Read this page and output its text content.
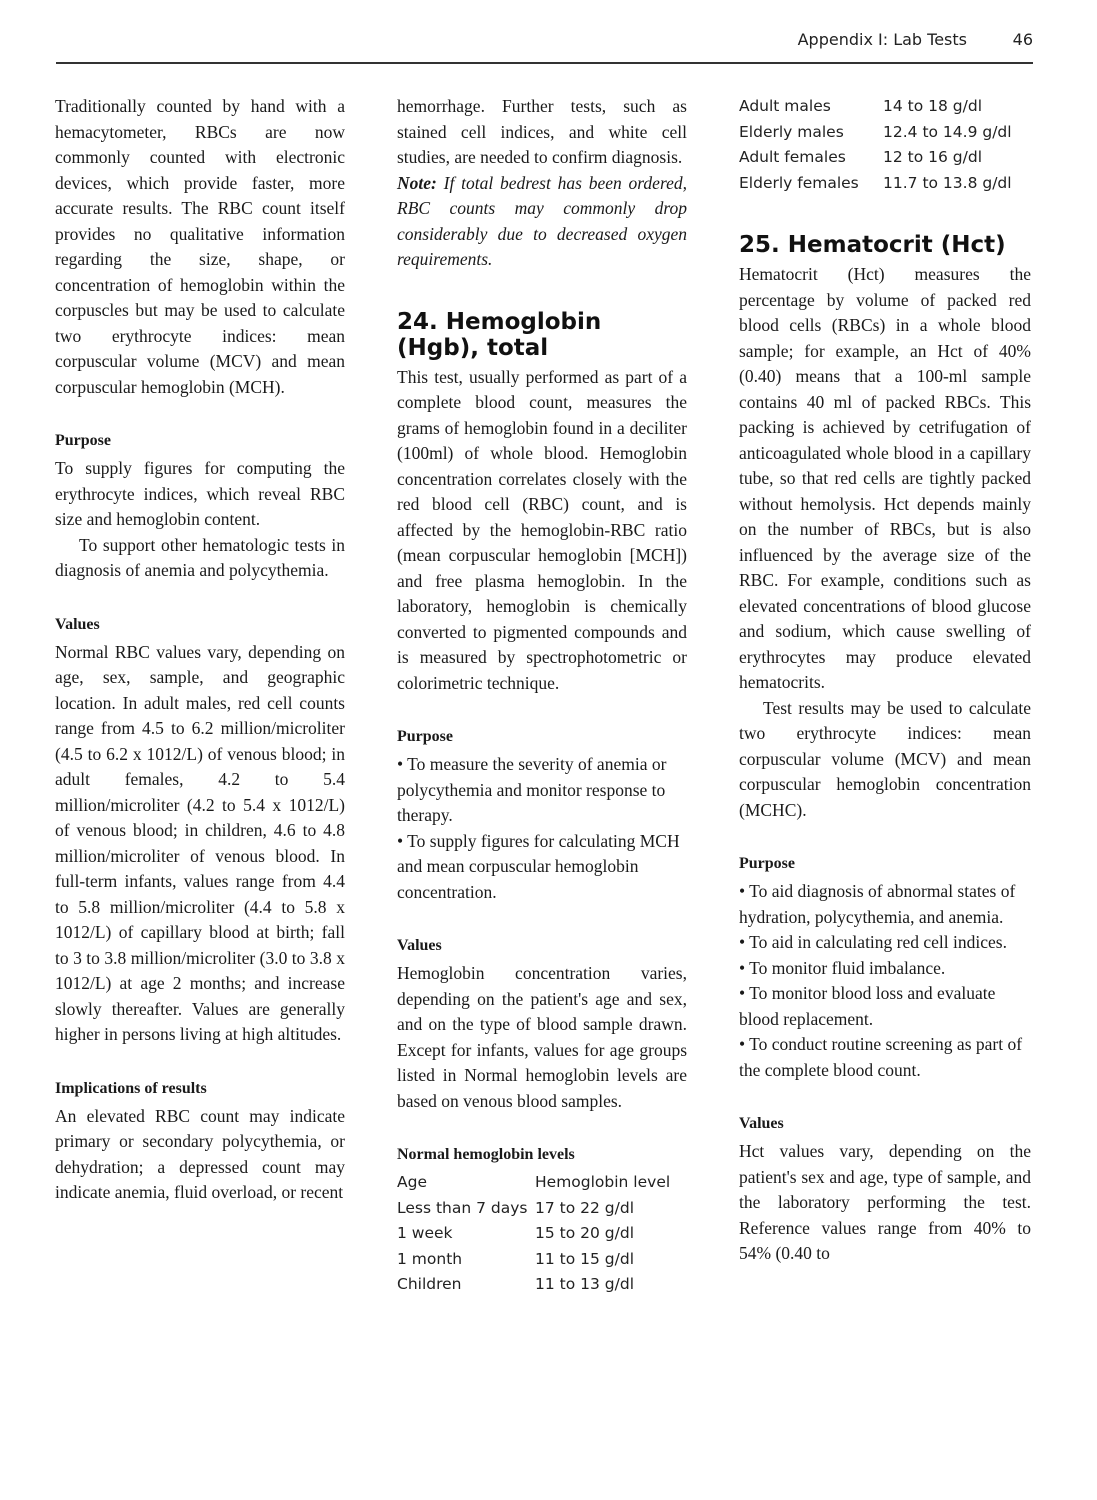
Appendix I: Lab Tests	46

Traditionally counted by hand with a hemacytometer, RBCs are now commonly counted with electronic devices, which provide faster, more accurate results. The RBC count itself provides no qualitative information regarding the size, shape, or concentration of hemoglobin within the corpuscles but may be used to calculate two erythrocyte indices: mean corpuscular volume (MCV) and mean corpuscular hemoglobin (MCH).

Purpose

To supply figures for computing the erythrocyte indices, which reveal RBC size and hemoglobin content.

To support other hematologic tests in diagnosis of anemia and polycythemia.

Values

Normal RBC values vary, depending on age, sex, sample, and geographic location. In adult males, red cell counts range from 4.5 to 6.2 million/microliter (4.5 to 6.2 x 1012/L) of venous blood; in adult females, 4.2 to 5.4 million/microliter (4.2 to 5.4 x 1012/L) of venous blood; in children, 4.6 to 4.8 million/microliter of venous blood. In full-term infants, values range from 4.4 to 5.8 million/microliter (4.4 to 5.8 x 1012/L) of capillary blood at birth; fall to 3 to 3.8 million/microliter (3.0 to 3.8 x 1012/L) at age 2 months; and increase slowly thereafter. Values are generally higher in persons living at high altitudes.

Implications of results

An elevated RBC count may indicate primary or secondary polycythemia, or dehydration; a depressed count may indicate anemia, fluid overload, or recent

hemorrhage. Further tests, such as stained cell indices, and white cell studies, are needed to confirm diagnosis.

Note: If total bedrest has been ordered, RBC counts may commonly drop considerably due to decreased oxygen requirements.

24. Hemoglobin (Hgb), total

This test, usually performed as part of a complete blood count, measures the grams of hemoglobin found in a deciliter (100ml) of whole blood. Hemoglobin concentration correlates closely with the red blood cell (RBC) count, and is affected by the hemoglobin-RBC ratio (mean corpuscular hemoglobin [MCH]) and free plasma hemoglobin. In the laboratory, hemoglobin is chemically converted to pigmented compounds and is measured by spectrophotometric or colorimetric technique.

Purpose

• To measure the severity of anemia or polycythemia and monitor response to therapy.

• To supply figures for calculating MCH and mean corpuscular hemoglobin concentration.

Values

Hemoglobin concentration varies, depending on the patient's age and sex, and on the type of blood sample drawn. Except for infants, values for age groups listed in Normal hemoglobin levels are based on venous blood samples.

Normal hemoglobin levels
Age	Hemoglobin level
Less than 7 days	17 to 22 g/dl
1 week	15 to 20 g/dl
1 month	11 to 15 g/dl
Children	11 to 13 g/dl
Adult males	14 to 18 g/dl
Elderly males	12.4 to 14.9 g/dl
Adult females	12 to 16 g/dl
Elderly females	11.7 to 13.8 g/dl
25. Hematocrit (Hct)

Hematocrit (Hct) measures the percentage by volume of packed red blood cells (RBCs) in a whole blood sample; for example, an Hct of 40% (0.40) means that a 100-ml sample contains 40 ml of packed RBCs. This packing is achieved by cetrifugation of anticoagulated whole blood in a capillary tube, so that red cells are tightly packed without hemolysis. Hct depends mainly on the number of RBCs, but is also influenced by the average size of the RBC. For example, conditions such as elevated concentrations of blood glucose and sodium, which cause swelling of erythrocytes may produce elevated hematocrits.

Test results may be used to calculate two erythrocyte indices: mean corpuscular volume (MCV) and mean corpuscular hemoglobin concentration (MCHC).

Purpose

• To aid diagnosis of abnormal states of hydration, polycythemia, and anemia.

• To aid in calculating red cell indices.

• To monitor fluid imbalance.

• To monitor blood loss and evaluate blood replacement.

• To conduct routine screening as part of the complete blood count.

Values

Hct values vary, depending on the patient's sex and age, type of sample, and the laboratory performing the test. Reference values range from 40% to 54% (0.40 to
